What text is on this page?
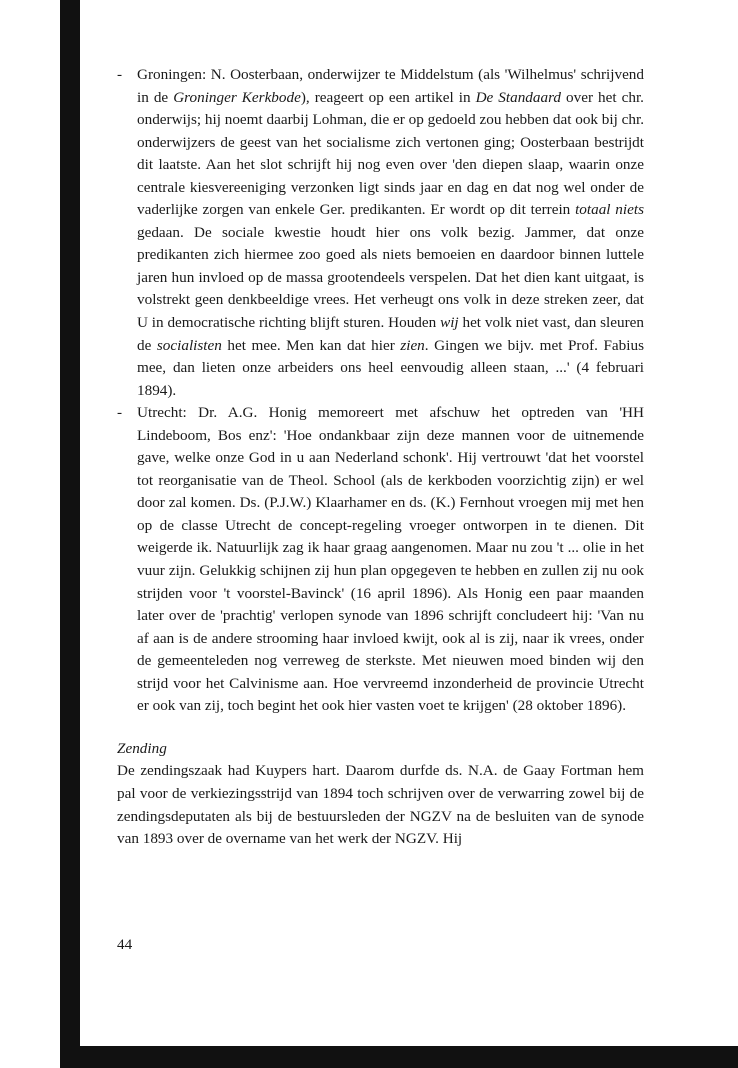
- Groningen: N. Oosterbaan, onderwijzer te Middelstum (als 'Wilhelmus' schrijvend in de Groninger Kerkbode), reageert op een artikel in De Standaard over het chr. onderwijs; hij noemt daarbij Lohman, die er op gedoeld zou hebben dat ook bij chr. onderwijzers de geest van het socialisme zich vertonen ging; Oosterbaan bestrijdt dit laatste. Aan het slot schrijft hij nog even over 'den diepen slaap, waarin onze centrale kiesvereeniging verzonken ligt sinds jaar en dag en dat nog wel onder de vaderlijke zorgen van enkele Ger. predikanten. Er wordt op dit terrein totaal niets gedaan. De sociale kwestie houdt hier ons volk bezig. Jammer, dat onze predikanten zich hiermee zoo goed als niets bemoeien en daardoor binnen luttele jaren hun invloed op de massa grootendeels verspelen. Dat het dien kant uitgaat, is volstrekt geen denkbeeldige vrees. Het verheugt ons volk in deze streken zeer, dat U in democratische richting blijft sturen. Houden wij het volk niet vast, dan sleuren de socialisten het mee. Men kan dat hier zien. Gingen we bijv. met Prof. Fabius mee, dan lieten onze arbeiders ons heel eenvoudig alleen staan, ...' (4 februari 1894).

- Utrecht: Dr. A.G. Honig memoreert met afschuw het optreden van 'HH Lindeboom, Bos enz': 'Hoe ondankbaar zijn deze mannen voor de uitnemende gave, welke onze God in u aan Nederland schonk'. Hij vertrouwt 'dat het voorstel tot reorganisatie van de Theol. School (als de kerkboden voorzichtig zijn) er wel door zal komen. Ds. (P.J.W.) Klaarhamer en ds. (K.) Fernhout vroegen mij met hen op de classe Utrecht de concept-regeling vroeger ontworpen in te dienen. Dit weigerde ik. Natuurlijk zag ik haar graag aangenomen. Maar nu zou 't ... olie in het vuur zijn. Gelukkig schijnen zij hun plan opgegeven te hebben en zullen zij nu ook strijden voor 't voorstel-Bavinck' (16 april 1896). Als Honig een paar maanden later over de 'prachtig' verlopen synode van 1896 schrijft concludeert hij: 'Van nu af aan is de andere strooming haar invloed kwijt, ook al is zij, naar ik vrees, onder de gemeenteleden nog verreweg de sterkste. Met nieuwen moed binden wij den strijd voor het Calvinisme aan. Hoe vervreemd inzonderheid de provincie Utrecht er ook van zij, toch begint het ook hier vasten voet te krijgen' (28 oktober 1896).

Zending

De zendingszaak had Kuypers hart. Daarom durfde ds. N.A. de Gaay Fortman hem pal voor de verkiezingsstrijd van 1894 toch schrijven over de verwarring zowel bij de zendingsdeputaten als bij de bestuursleden der NGZV na de besluiten van de synode van 1893 over de overname van het werk der NGZV. Hij

44
